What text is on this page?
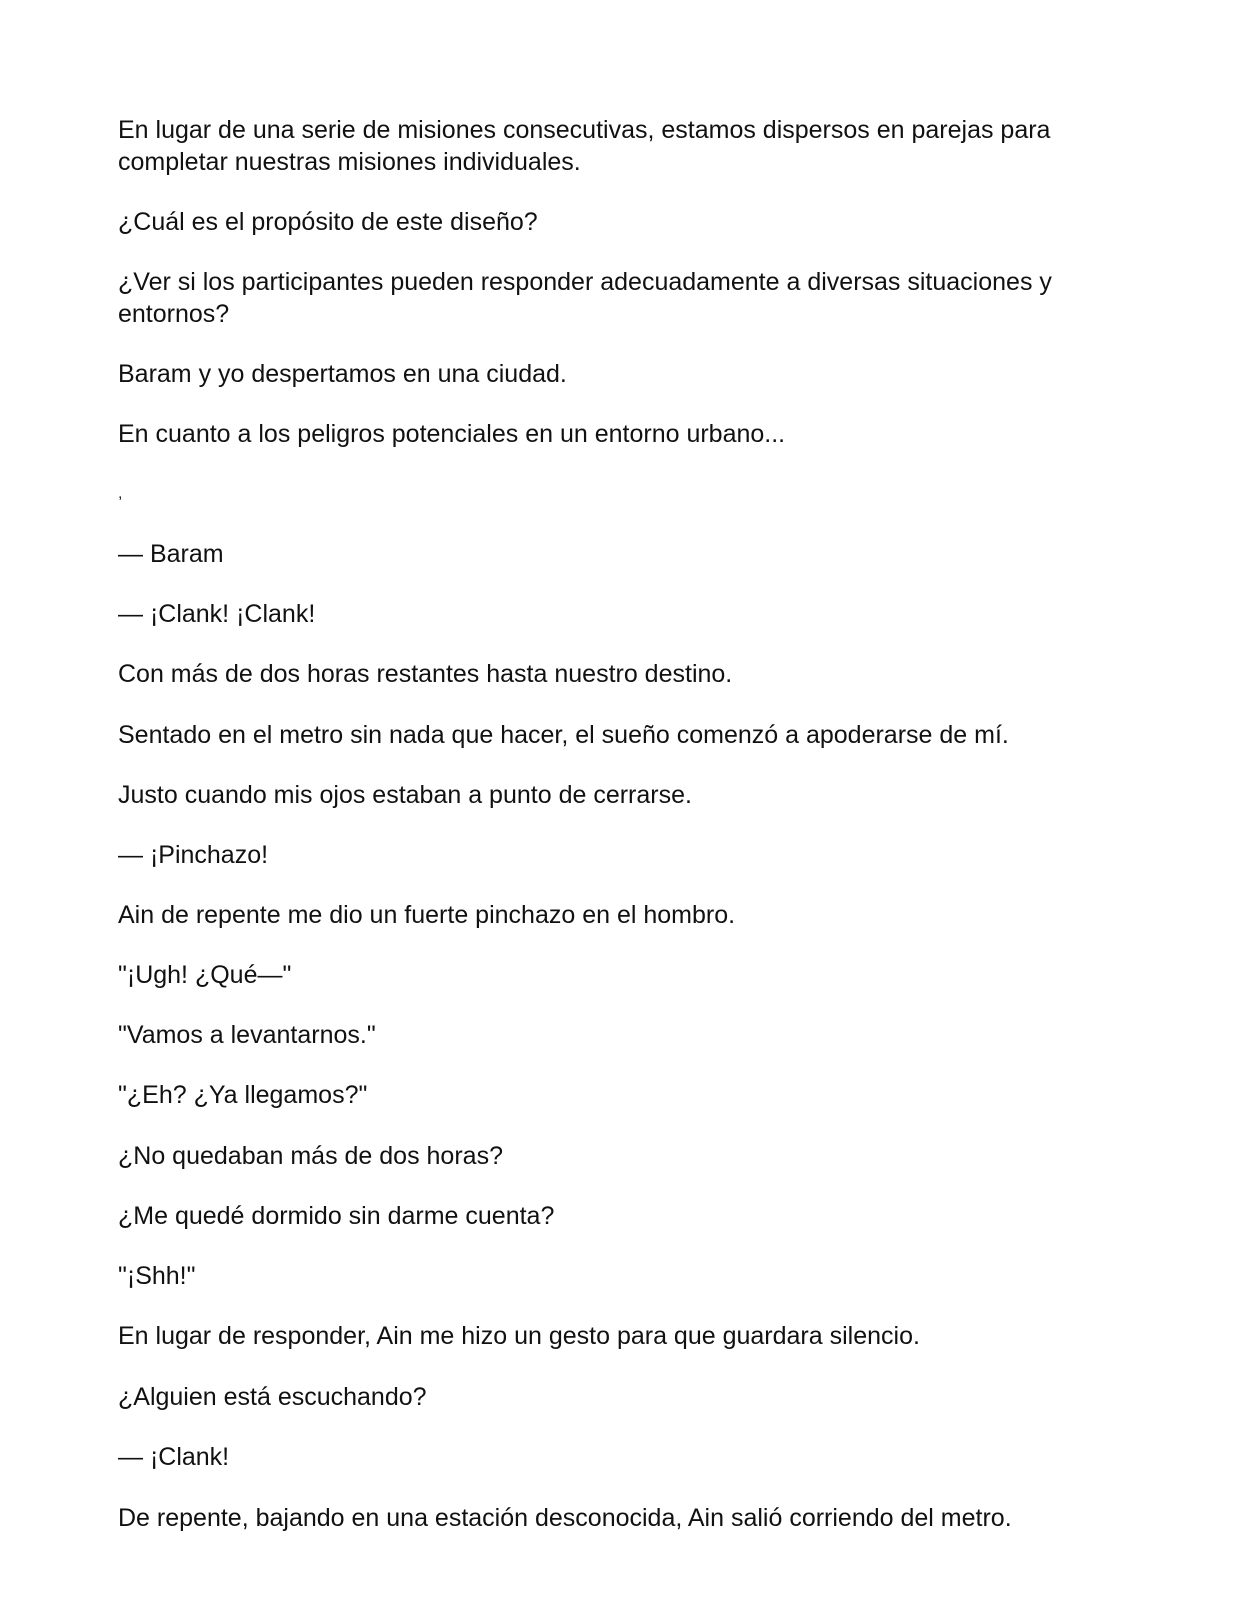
En lugar de una serie de misiones consecutivas, estamos dispersos en parejas para completar nuestras misiones individuales.

¿Cuál es el propósito de este diseño?

¿Ver si los participantes pueden responder adecuadamente a diversas situaciones y entornos?

Baram y yo despertamos en una ciudad.

En cuanto a los peligros potenciales en un entorno urbano...

,

— Baram

— ¡Clank! ¡Clank!

Con más de dos horas restantes hasta nuestro destino.

Sentado en el metro sin nada que hacer, el sueño comenzó a apoderarse de mí.

Justo cuando mis ojos estaban a punto de cerrarse.

— ¡Pinchazo!

Ain de repente me dio un fuerte pinchazo en el hombro.

"¡Ugh! ¿Qué—"

"Vamos a levantarnos."

"¿Eh? ¿Ya llegamos?"

¿No quedaban más de dos horas?

¿Me quedé dormido sin darme cuenta?

"¡Shh!"

En lugar de responder, Ain me hizo un gesto para que guardara silencio.

¿Alguien está escuchando?

— ¡Clank!

De repente, bajando en una estación desconocida, Ain salió corriendo del metro.
